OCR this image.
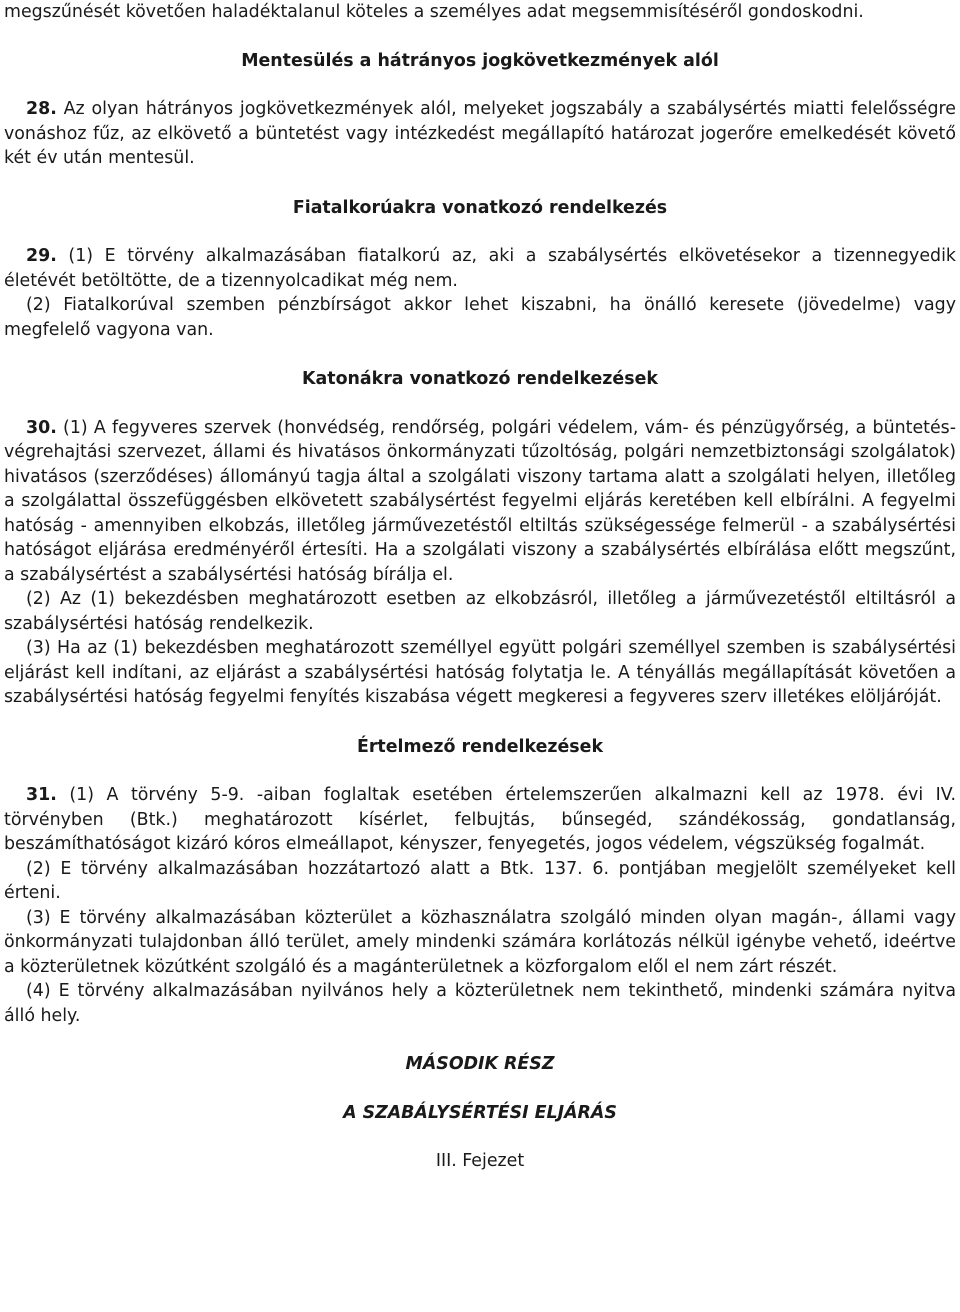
megszűnését követően haladéktalanul köteles a személyes adat megsemmisítéséről gondoskodni.

Mentesülés a hátrányos jogkövetkezmények alól

28. Az olyan hátrányos jogkövetkezmények alól, melyeket jogszabály a szabálysértés miatti felelősségre vonáshoz fűz, az elkövető a büntetést vagy intézkedést megállapító határozat jogerőre emelkedését követő két év után mentesül.

Fiatalkorúakra vonatkozó rendelkezés

29. (1) E törvény alkalmazásában fiatalkorú az, aki a szabálysértés elkövetésekor a tizennegyedik életévét betöltötte, de a tizennyolcadikat még nem.

(2) Fiatalkorúval szemben pénzbírságot akkor lehet kiszabni, ha önálló keresete (jövedelme) vagy megfelelő vagyona van.

Katonákra vonatkozó rendelkezések

30. (1) A fegyveres szervek (honvédség, rendőrség, polgári védelem, vám- és pénzügyőrség, a büntetés-végrehajtási szervezet, állami és hivatásos önkormányzati tűzoltóság, polgári nemzetbiztonsági szolgálatok) hivatásos (szerződéses) állományú tagja által a szolgálati viszony tartama alatt a szolgálati helyen, illetőleg a szolgálattal összefüggésben elkövetett szabálysértést fegyelmi eljárás keretében kell elbírálni. A fegyelmi hatóság - amennyiben elkobzás, illetőleg járművezetéstől eltiltás szükségessége felmerül - a szabálysértési hatóságot eljárása eredményéről értesíti. Ha a szolgálati viszony a szabálysértés elbírálása előtt megszűnt, a szabálysértést a szabálysértési hatóság bírálja el.

(2) Az (1) bekezdésben meghatározott esetben az elkobzásról, illetőleg a járművezetéstől eltiltásról a szabálysértési hatóság rendelkezik.

(3) Ha az (1) bekezdésben meghatározott személlyel együtt polgári személlyel szemben is szabálysértési eljárást kell indítani, az eljárást a szabálysértési hatóság folytatja le. A tényállás megállapítását követően a szabálysértési hatóság fegyelmi fenyítés kiszabása végett megkeresi a fegyveres szerv illetékes elöljáróját.

Értelmező rendelkezések

31. (1) A törvény 5-9. -aiban foglaltak esetében értelemszerűen alkalmazni kell az 1978. évi IV. törvényben (Btk.) meghatározott kísérlet, felbujtás, bűnsegéd, szándékosság, gondatlanság, beszámíthatóságot kizáró kóros elmeállapot, kényszer, fenyegetés, jogos védelem, végszükség fogalmát.

(2) E törvény alkalmazásában hozzátartozó alatt a Btk. 137. 6. pontjában megjelölt személyeket kell érteni.

(3) E törvény alkalmazásában közterület a közhasználatra szolgáló minden olyan magán-, állami vagy önkormányzati tulajdonban álló terület, amely mindenki számára korlátozás nélkül igénybe vehető, ideértve a közterületnek közútként szolgáló és a magánterületnek a közforgalom elől el nem zárt részét.

(4) E törvény alkalmazásában nyilvános hely a közterületnek nem tekinthető, mindenki számára nyitva álló hely.

MÁSODIK RÉSZ

A SZABÁLYSÉRTÉSI ELJÁRÁS

III. Fejezet
